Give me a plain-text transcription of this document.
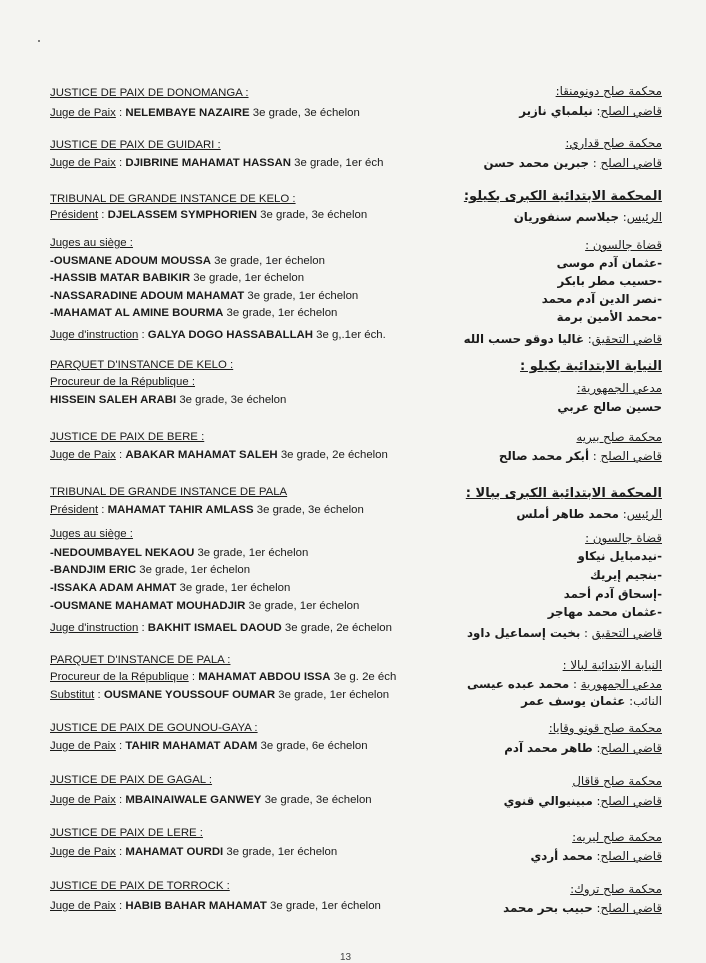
JUSTICE DE PAIX DE DONOMANGA :
Juge de Paix : NELEMBAYE NAZAIRE 3e grade, 3e échelon
محكمة صلح دونومنقا:
قاضي الصلح: نيلمباي نازير
JUSTICE DE PAIX DE GUIDARI :
Juge de Paix : DJIBRINE MAHAMAT HASSAN 3e grade, 1er éch
محكمة صلح قداري:
قاضي الصلح : جبرين محمد حسن
TRIBUNAL DE GRANDE INSTANCE DE KELO :
Président : DJELASSEM SYMPHORIEN 3e grade, 3e échelon
المحكمة الابتدائية الكبرى بكيلو:
الرئيس: جيلاسم سنفوريان
Juges au siège :
-OUSMANE ADOUM MOUSSA 3e grade, 1er échelon
-HASSIB MATAR BABIKIR 3e grade, 1er échelon
-NASSARADINE ADOUM MAHAMAT 3e grade, 1er échelon
-MAHAMAT AL AMINE BOURMA 3e grade, 1er échelon
Juge d'instruction : GALYA DOGO HASSABALLAH 3e g,.1er éch.
قضاة جالسون :
-عثمان آدم موسى
-حسيب مطر بابكر
-نصر الدين آدم محمد
-محمد الأمين برمة
قاضي التحقيق: غاليا دوقو حسب الله
PARQUET D'INSTANCE DE KELO :
Procureur de la République :
HISSEIN SALEH ARABI 3e grade, 3e échelon
النيابة الابتدائية بكيلو :
مدعي الجمهورية:
حسين صالح عربي
JUSTICE DE PAIX DE BERE :
Juge de Paix : ABAKAR MAHAMAT SALEH 3e grade, 2e échelon
محكمة صلح بيريه
قاضي الصلح : أبكر محمد صالح
TRIBUNAL DE GRANDE INSTANCE DE PALA
Président : MAHAMAT TAHIR AMLASS 3e grade, 3e échelon
المحكمة الابتدائية الكبرى ببالا :
الرئيس: محمد طاهر أملس
Juges au siège :
-NEDOUMBAYEL NEKAOU 3e grade, 1er échelon
-BANDJIM ERIC 3e grade, 1er échelon
-ISSAKA ADAM AHMAT 3e grade, 1er échelon
-OUSMANE MAHAMAT MOUHADJIR 3e grade, 1er échelon
Juge d'instruction : BAKHIT ISMAEL DAOUD 3e grade, 2e échelon
قضاة جالسون :
-نيدمبايل نيكاو
-بنجيم إيريك
-إسحاق آدم أحمد
-عثمان محمد مهاجر
قاضي التحقيق : بخيت إسماعيل داود
PARQUET D'INSTANCE DE PALA :
Procureur de la République : MAHAMAT ABDOU ISSA 3e g. 2e éch
Substitut : OUSMANE YOUSSOUF OUMAR 3e grade, 1er échelon
النيابة الابتدائية لبالا :
مدعي الجمهورية : محمد عبده عيسى
النائب: عثمان يوسف عمر
JUSTICE DE PAIX DE GOUNOU-GAYA :
Juge de Paix : TAHIR MAHAMAT ADAM 3e grade, 6e échelon
محكمة صلح قونو وقايا:
قاضي الصلح: طاهر محمد آدم
JUSTICE DE PAIX DE GAGAL :
Juge de Paix : MBAINAIWALE GANWEY 3e grade, 3e échelon
محكمة صلح قاقال
قاضي الصلح: مبينيوالي قنوي
JUSTICE DE PAIX DE LERE :
Juge de Paix : MAHAMAT OURDI 3e grade, 1er échelon
محكمة صلح ليريه:
قاضي الصلح: محمد أردي
JUSTICE DE PAIX DE TORROCK :
Juge de Paix : HABIB BAHAR MAHAMAT 3e grade, 1er échelon
محكمة صلح تروك:
قاضي الصلح: حبيب بحر محمد
13
